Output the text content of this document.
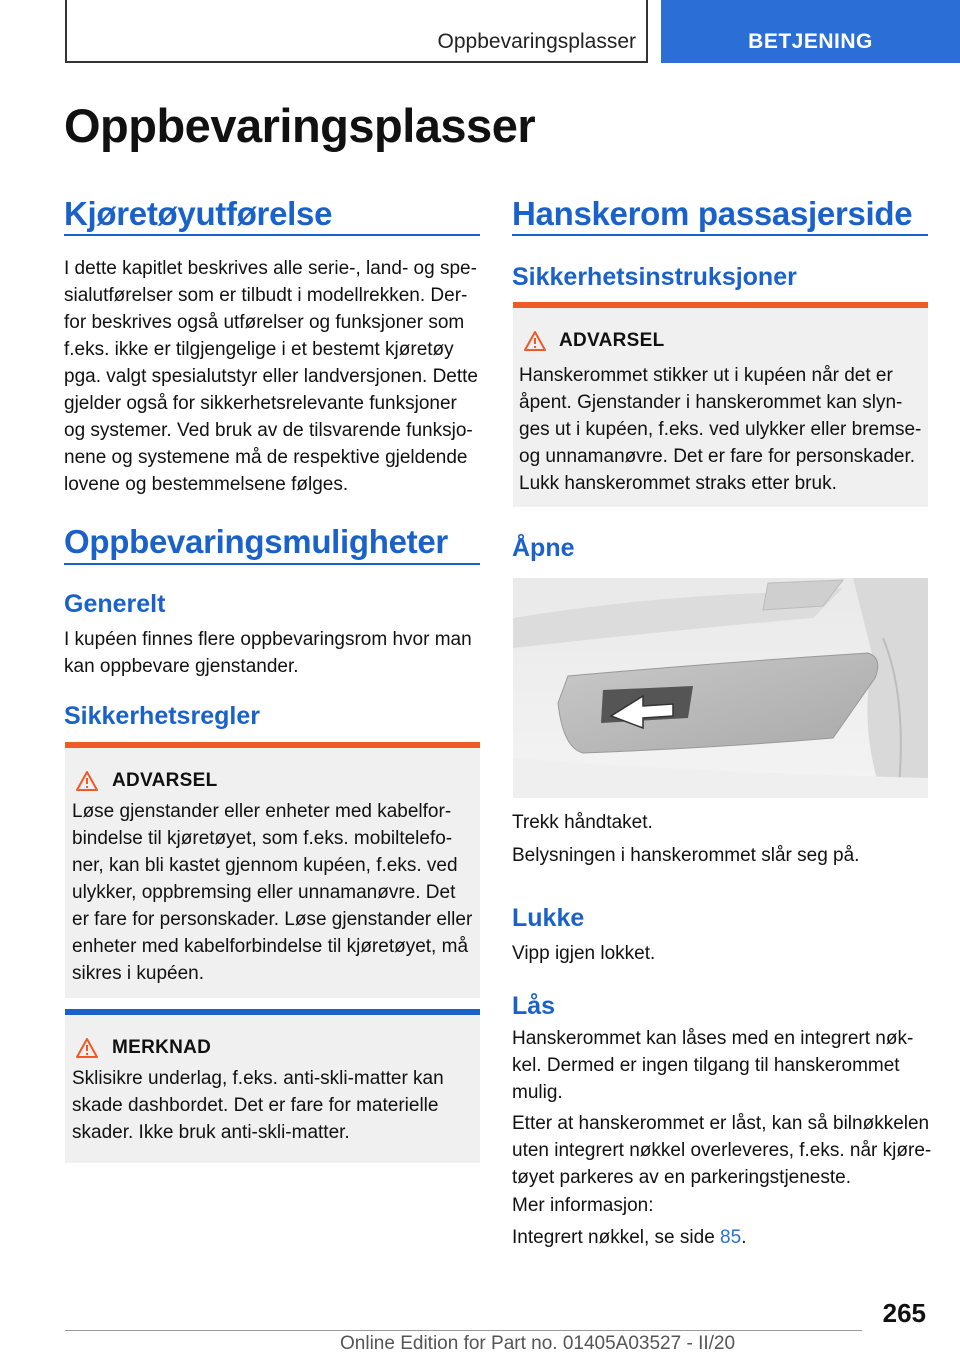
Oppbevaringsplasser	BETJENING
Oppbevaringsplasser
Kjøretøyutførelse
I dette kapitlet beskrives alle serie-, land- og spe-
sialutførelser som er tilbudt i modellrekken. Der-
for beskrives også utførelser og funksjoner som
f.eks. ikke er tilgjengelige i et bestemt kjøretøy
pga. valgt spesialutstyr eller landversjonen. Dette
gjelder også for sikkerhetsrelevante funksjoner
og systemer. Ved bruk av de tilsvarende funksjo-
nene og systemene må de respektive gjeldende
lovene og bestemmelsene følges.
Oppbevaringsmuligheter
Generelt
I kupéen finnes flere oppbevaringsrom hvor man
kan oppbevare gjenstander.
Sikkerhetsregler
ADVARSEL
Løse gjenstander eller enheter med kabelfor-
bindelse til kjøretøyet, som f.eks. mobiltelefo-
ner, kan bli kastet gjennom kupéen, f.eks. ved
ulykker, oppbremsing eller unnamanøvre. Det
er fare for personskader. Løse gjenstander eller
enheter med kabelforbindelse til kjøretøyet, må
sikres i kupéen.
MERKNAD
Sklisikre underlag, f.eks. anti-skli-matter kan
skade dashbordet. Det er fare for materielle
skader. Ikke bruk anti-skli-matter.
Hanskerom passasjerside
Sikkerhetsinstruksjoner
ADVARSEL
Hanskerommet stikker ut i kupéen når det er
åpent. Gjenstander i hanskerommet kan slyn-
ges ut i kupéen, f.eks. ved ulykker eller bremse-
og unnamanøvre. Det er fare for personskader.
Lukk hanskerommet straks etter bruk.
Åpne
Trekk håndtaket.
Belysningen i hanskerommet slår seg på.
Lukke
Vipp igjen lokket.
Lås
Hanskerommet kan låses med en integrert nøk-
kel. Dermed er ingen tilgang til hanskerommet
mulig.
Etter at hanskerommet er låst, kan så bilnøkkelen
uten integrert nøkkel overleveres, f.eks. når kjøre-
tøyet parkeres av en parkeringstjeneste.
Mer informasjon:
Integrert nøkkel, se side 85.
265
Online Edition for Part no. 01405A03527 - II/20
